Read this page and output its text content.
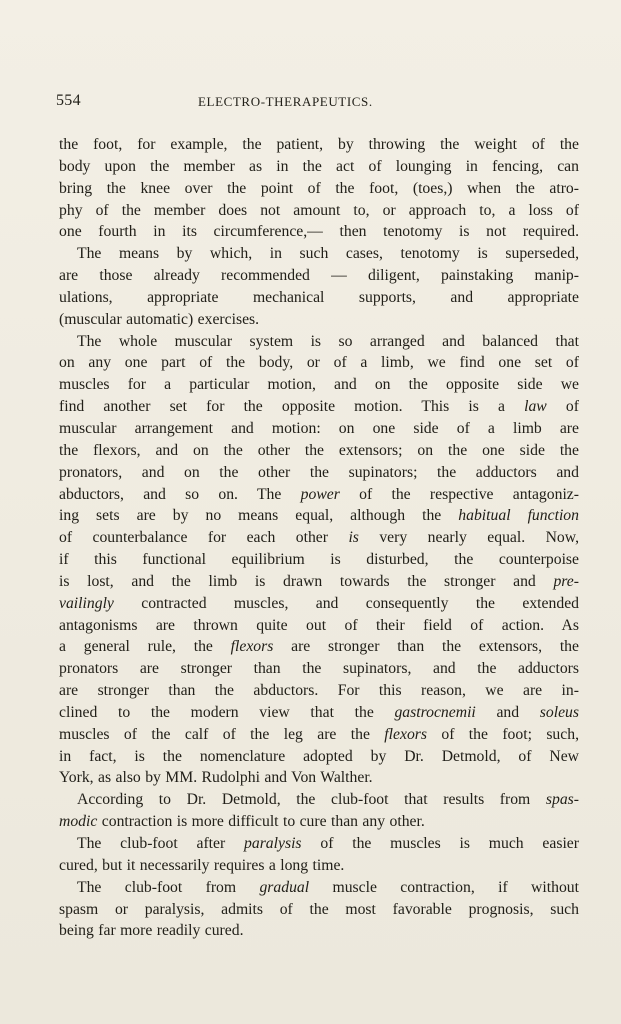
554	ELECTRO-THERAPEUTICS.
the foot, for example, the patient, by throwing the weight of the
body upon the member as in the act of lounging in fencing, can
bring the knee over the point of the foot, (toes,) when the atro-
phy of the member does not amount to, or approach to, a loss of
one fourth in its circumference,— then tenotomy is not required.
The means by which, in such cases, tenotomy is superseded,
are those already recommended — diligent, painstaking manip-
ulations, appropriate mechanical supports, and appropriate
(muscular automatic) exercises.
The whole muscular system is so arranged and balanced that
on any one part of the body, or of a limb, we find one set of
muscles for a particular motion, and on the opposite side we
find another set for the opposite motion. This is a law of
muscular arrangement and motion: on one side of a limb are
the flexors, and on the other the extensors; on the one side the
pronators, and on the other the supinators; the adductors and
abductors, and so on. The power of the respective antagoniz-
ing sets are by no means equal, although the habitual function
of counterbalance for each other is very nearly equal. Now,
if this functional equilibrium is disturbed, the counterpoise
is lost, and the limb is drawn towards the stronger and pre-
vailingly contracted muscles, and consequently the extended
antagonisms are thrown quite out of their field of action. As
a general rule, the flexors are stronger than the extensors, the
pronators are stronger than the supinators, and the adductors
are stronger than the abductors. For this reason, we are in-
clined to the modern view that the gastrocnemii and soleus
muscles of the calf of the leg are the flexors of the foot; such,
in fact, is the nomenclature adopted by Dr. Detmold, of New
York, as also by MM. Rudolphi and Von Walther.
According to Dr. Detmold, the club-foot that results from spas-
modic contraction is more difficult to cure than any other.
The club-foot after paralysis of the muscles is much easier
cured, but it necessarily requires a long time.
The club-foot from gradual muscle contraction, if without
spasm or paralysis, admits of the most favorable prognosis, such
being far more readily cured.
